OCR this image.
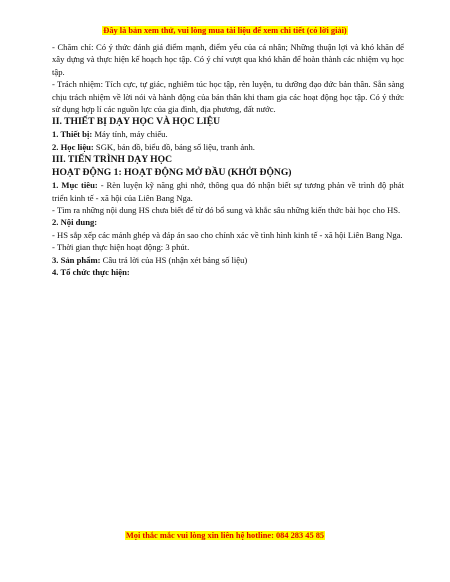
Đây là bản xem thử, vui lòng mua tài liệu để xem chi tiết (có lời giải)

- Chăm chỉ: Có ý thức đánh giá điểm mạnh, điểm yếu của cá nhân; Những thuận lợi và khó khăn để xây dựng và thực hiện kế hoạch học tập. Có ý chí vượt qua khó khăn để hoàn thành các nhiệm vụ học tập.

- Trách nhiệm: Tích cực, tự giác, nghiêm túc học tập, rèn luyện, tu dưỡng đạo đức bản thân. Sẵn sàng chịu trách nhiệm về lời nói và hành động của bản thân khi tham gia các hoạt động học tập. Có ý thức sử dụng hợp lí các nguồn lực của gia đình, địa phương, đất nước.

II. THIẾT BỊ DẠY HỌC VÀ HỌC LIỆU

1. Thiết bị: Máy tính, máy chiếu.

2. Học liệu: SGK, bản đồ, biểu đồ, bảng số liệu, tranh ảnh.

III. TIẾN TRÌNH DẠY HỌC

HOẠT ĐỘNG 1: HOẠT ĐỘNG MỞ ĐẦU (KHỞI ĐỘNG)

1. Mục tiêu: - Rèn luyện kỹ năng ghi nhớ, thông qua đó nhận biết sự tương phản về trình độ phát triển kinh tế - xã hội của Liên Bang Nga.

- Tìm ra những nội dung HS chưa biết để từ đó bổ sung và khắc sâu những kiến thức bài học cho HS.

2. Nội dung:

- HS sắp xếp các mảnh ghép và đáp án sao cho chính xác về tình hình kinh tế - xã hội Liên Bang Nga.

- Thời gian thực hiện hoạt động: 3 phút.

3. Sản phẩm: Câu trả lời của HS (nhận xét bảng số liệu)

4. Tổ chức thực hiện:

Mọi thắc mắc vui lòng xin liên hệ hotline: 084 283 45 85
